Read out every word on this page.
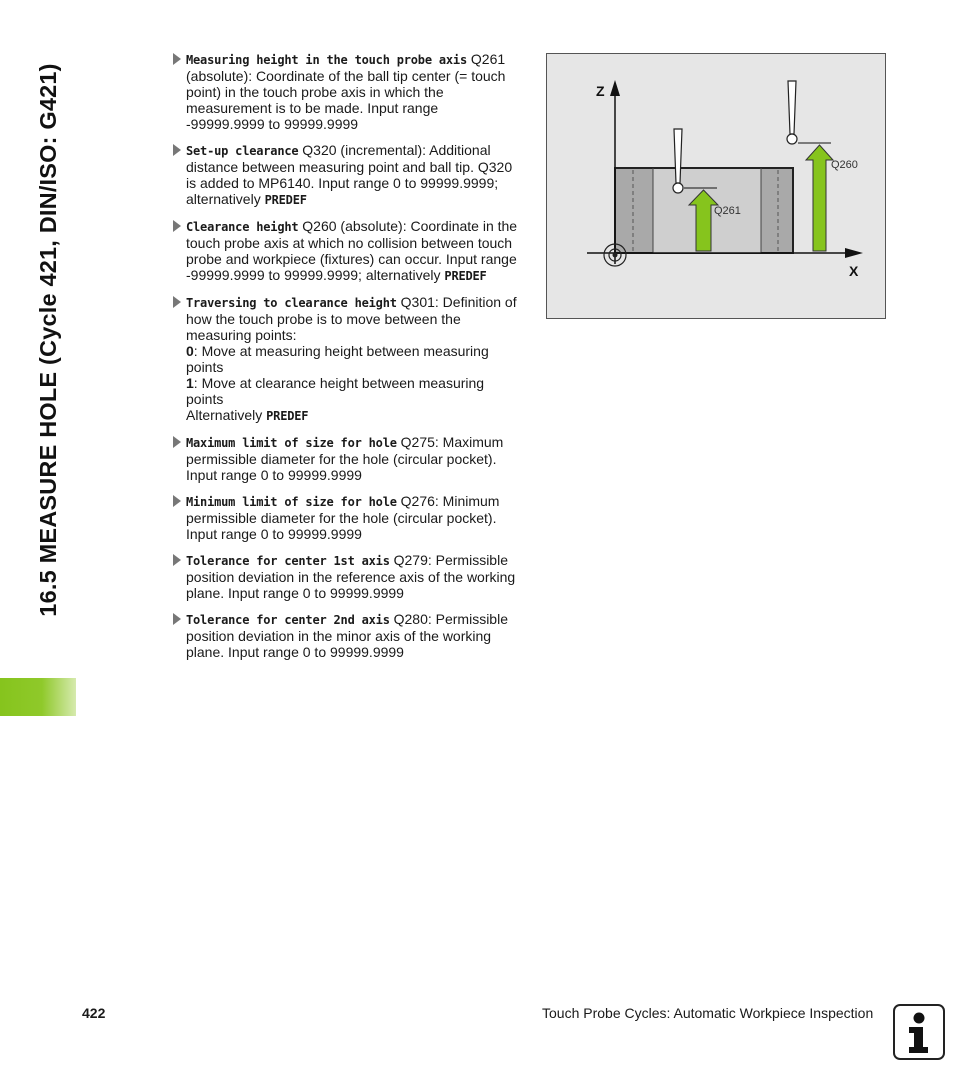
16.5 MEASURE HOLE (Cycle 421, DIN/ISO: G421)
Measuring height in the touch probe axis Q261
(absolute): Coordinate of the ball tip center (= touch
point) in the touch probe axis in which the
measurement is to be made. Input range
-99999.9999 to 99999.9999
Set-up clearance Q320 (incremental): Additional
distance between measuring point and ball tip. Q320
is added to MP6140. Input range 0 to 99999.9999;
alternatively PREDEF
Clearance height Q260 (absolute): Coordinate in the
touch probe axis at which no collision between touch
probe and workpiece (fixtures) can occur. Input range
-99999.9999 to 99999.9999; alternatively PREDEF
Traversing to clearance height Q301: Definition of
how the touch probe is to move between the
measuring points:
0: Move at measuring height between measuring
points
1: Move at clearance height between measuring
points
Alternatively PREDEF
Maximum limit of size for hole Q275: Maximum
permissible diameter for the hole (circular pocket).
Input range 0 to 99999.9999
Minimum limit of size for hole Q276: Minimum
permissible diameter for the hole (circular pocket).
Input range 0 to 99999.9999
Tolerance for center 1st axis Q279: Permissible
position deviation in the reference axis of the working
plane. Input range 0 to 99999.9999
Tolerance for center 2nd axis Q280: Permissible
position deviation in the minor axis of the working
plane. Input range 0 to 99999.9999
Z
X
Q261
Q260
422	Touch Probe Cycles: Automatic Workpiece Inspection
